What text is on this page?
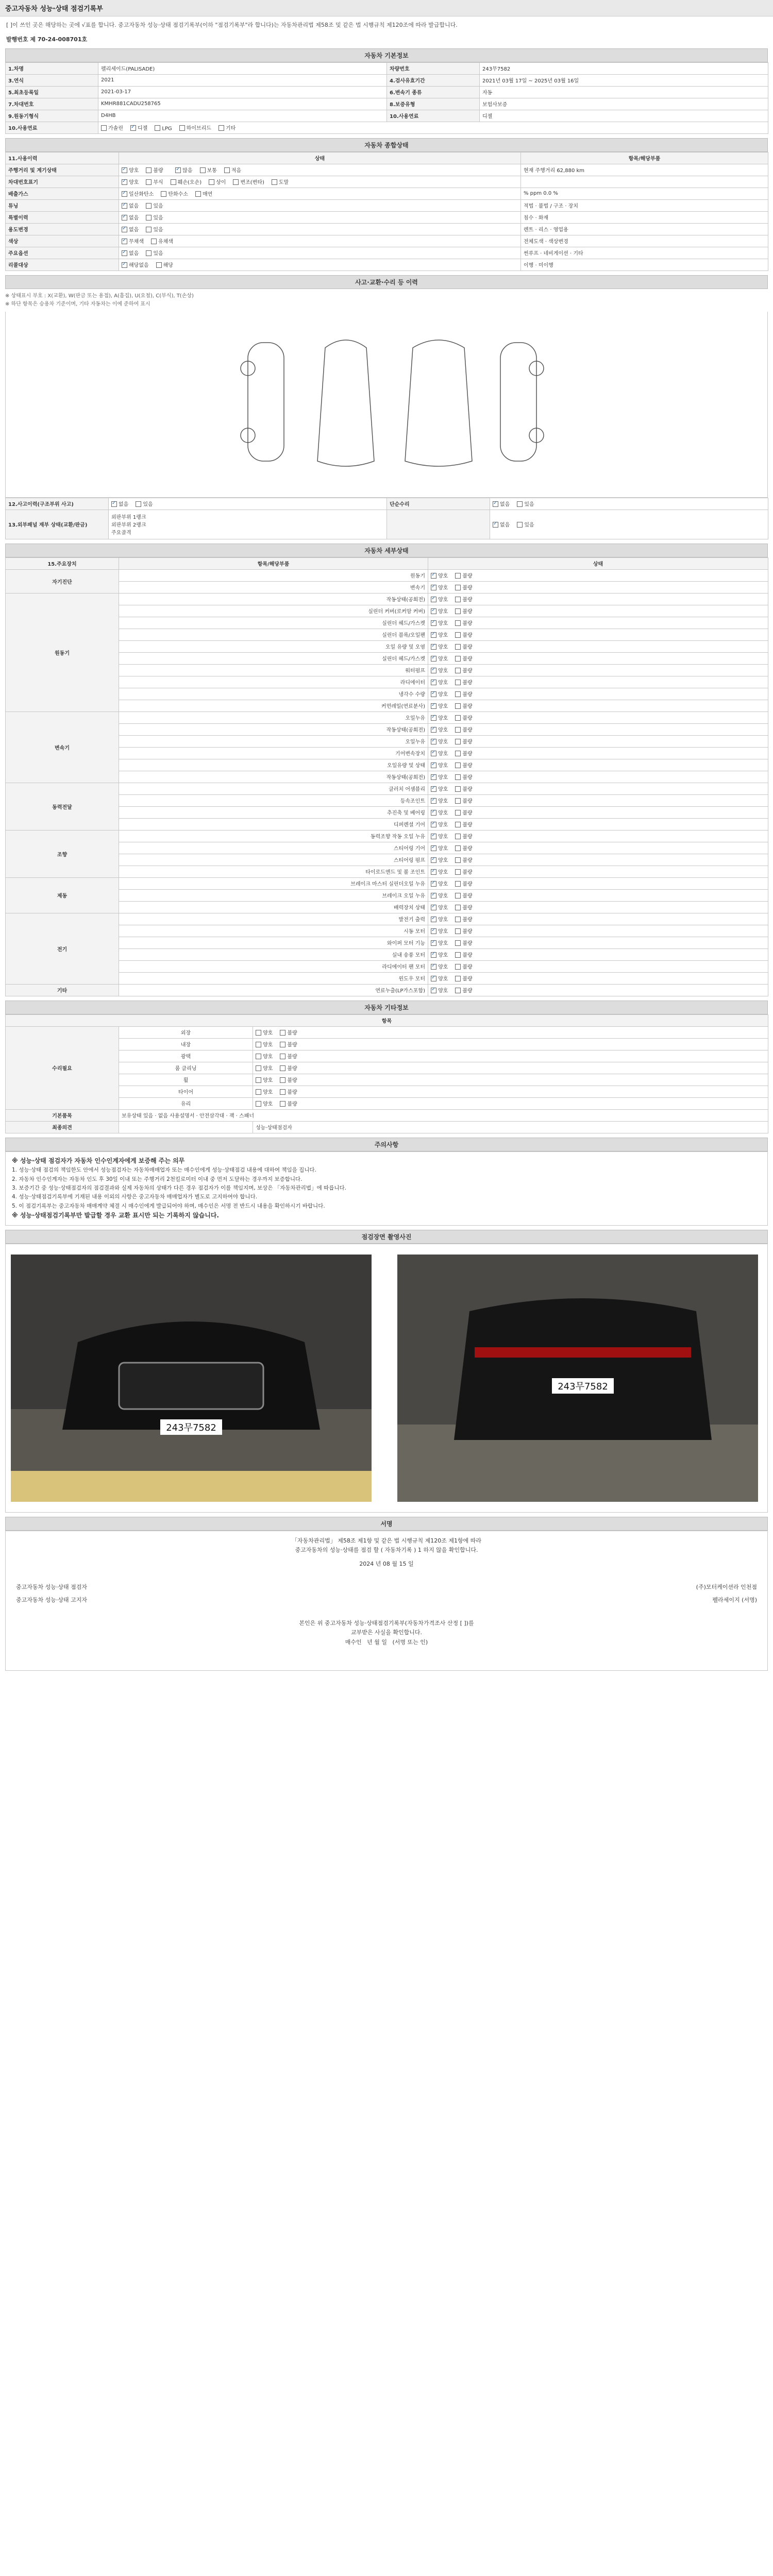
중고자동차 성능·상태 점검기록부
[ ]이 쓰인 곳은 해당하는 곳에 √표를 합니다. 중고자동차 성능·상태 점검기록부(이하 "점검기록부"라 합니다)는 자동차관리법 제58조 및 같은 법 시행규칙 제120조에 따라 발급합니다.
발행번호 제 70-24-008701호
자동차 기본정보
1.차명	펠리세이드(PALISADE)	차량번호	243무7582
3.연식	2021	4.검사유효기간	2021년 03월 17일 ~ 2025년 03월 16일
5.최초등록일	2021-03-17	6.변속기 종류	자동
7.차대번호	KMHR881CADU258765	8.보증유형	보험사보증
9.원동기형식	D4HB	10.사용연료	디젤
10.사용연료	가솔린 ✓ 디젤 LPG 하이브리드 기타
자동차 종합상태
11.사용이력	상태	항목/해당부품
주행거리 및 계기상태	✓양호 불량 ✓ 많음 보통 적음	현재 주행거리 62,880 km
차대번호표기	✓양호 부식 훼손(오손) 상이 변조(변타) 도말	
배출가스	✓일산화탄소 탄화수소 매연	% ppm 0.0 %
튜닝	✓없음 있음	적법 · 불법 / 구조 · 장치
특별이력	✓없음 있음	침수 · 화재
용도변경	✓없음 있음	렌트 · 리스 · 영업용
색상	✓무채색 유채색	전체도색 · 색상변경
주요옵션	✓없음 있음	썬루프 · 네비게이션 · 기타
리콜대상	✓해당없음 해당	이행 · 미이행
사고·교환·수리 등 이력
※ 상태표시 부호 : X(교환), W(판금 또는 용접), A(흠집), U(요철), C(부식), T(손상)
※ 하단 항목은 승용차 기준이며, 기타 자동차는 이에 준하여 표시
12.사고이력(구조부위 사고)	✓없음 있음	단순수리	✓없음 있음
13.외부패널 재부 상태(교환/판금)	외판부위 1랭크
외판부위 2랭크
주요골격		✓없음 있음
자동차 세부상태
15.주요장치	항목/해당부품	상태
자기진단	원동기	✓양호 불량
	변속기	✓양호 불량
원동기	작동상태(공회전)	✓양호 불량
	실린더 커버(로커암 커버)	✓양호 불량
	실린더 헤드/가스켓	✓양호 불량
	실린더 블록/오일팬	✓양호 불량
	오일 유량 및 오염	✓양호 불량
	실린더 헤드/가스켓	✓양호 불량
	워터펌프	✓양호 불량
	라디에이터	✓양호 불량
	냉각수 수량	✓양호 불량
	커먼레일(연료분사)	✓양호 불량
변속기	오일누유	✓양호 불량
	작동상태(공회전)	✓양호 불량
	오일누유	✓양호 불량
	기어변속장치	✓양호 불량
	오일유량 및 상태	✓양호 불량
	작동상태(공회전)	✓양호 불량
동력전달	클러치 어셈블리	✓양호 불량
	등속조인트	✓양호 불량
	추진축 및 베어링	✓양호 불량
	디퍼렌셜 기어	✓양호 불량
조향	동력조향 작동 오일 누유	✓양호 불량
	스티어링 기어	✓양호 불량
	스티어링 펌프	✓양호 불량
	타이로드엔드 및 볼 조인트	✓양호 불량
제동	브레이크 마스터 실린더오일 누유	✓양호 불량
	브레이크 오일 누유	✓양호 불량
	배력장치 상태	✓양호 불량
전기	발전기 출력	✓양호 불량
	시동 모터	✓양호 불량
	와이퍼 모터 기능	✓양호 불량
	실내 송풍 모터	✓양호 불량
	라디에이터 팬 모터	✓양호 불량
	윈도우 모터	✓양호 불량
기타	연료누출(LP가스포함)	✓양호 불량
자동차 기타정보
항목		
수리필요	외장	양호 불량
	내장	양호 불량
	광택	양호 불량
	룸 클리닝	양호 불량
	휠	양호 불량
	타이어	양호 불량
	유리	양호 불량
기본품목	보유상태 있음 · 없음 사용설명서 · 안전삼각대 · 잭 · 스패너	
최종의견		성능·상태점검자
주의사항
※ 성능·상태 점검자가 자동차 인수인계자에게 보증해 주는 의무
1. 성능·상태 점검의 책임한도 안에서 성능점검자는 자동차매매업자 또는 매수인에게 성능·상태점검 내용에 대하여 책임을 집니다.
2. 자동차 인수인계자는 자동차 인도 후 30일 이내 또는 주행거리 2천킬로미터 이내 중 먼저 도달하는 경우까지 보증합니다.
3. 보증기간 중 성능·상태점검자의 점검결과와 실제 자동차의 상태가 다른 경우 점검자가 이를 책임지며, 보상은 「자동차관리법」에 따릅니다.
4. 성능·상태점검기록부에 기재된 내용 이외의 사항은 중고자동차 매매업자가 별도로 고지하여야 합니다.
5. 이 점검기록부는 중고자동차 매매계약 체결 시 매수인에게 발급되어야 하며, 매수인은 서명 전 반드시 내용을 확인하시기 바랍니다.
※ 성능·상태점검기록부만 발급할 경우 교환 표시만 되는 기록하지 않습니다.
점검장면 촬영사진
243무7582
243무7582
서명
「자동차관리법」 제58조 제1항 및 같은 법 시행규칙 제120조 제1항에 따라
중고자동차의 성능·상태를 점검 할 ( 자동차기록 ) 1 하지 않을 확인합니다.
2024 년 08 월 15 일
중고자동차 성능·상태 점검자	(주)모터케이션라 인천점
중고자동차 성능·상태 고지자	펠라세이지 (서명)
본인은 위 중고자동차 성능·상태점검기록부(자동차가격조사 산정 [ ])를
교부받은 사실을 확인합니다.
매수인 년 월 일 (서명 또는 인)
